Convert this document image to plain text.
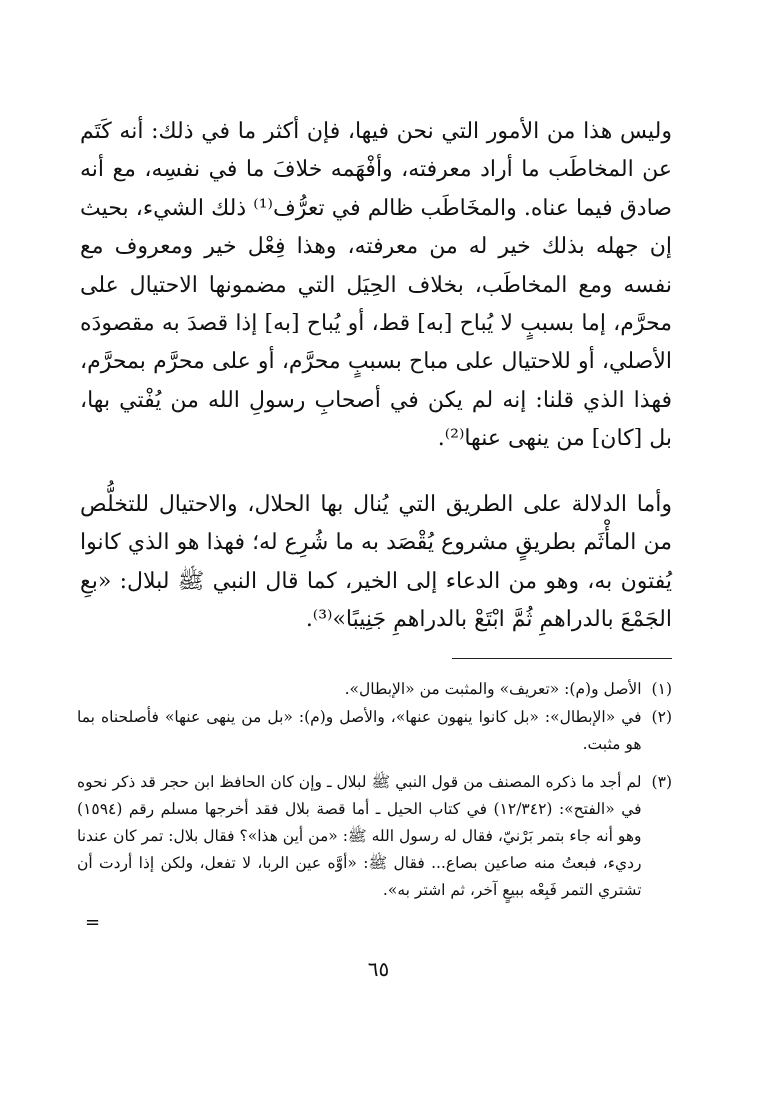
وليس هذا من الأمور التي نحن فيها، فإن أكثر ما في ذلك: أنه كَتَم عن المخاطَب ما أراد معرفته، وأفْهَمه خلافَ ما في نفسِه، مع أنه صادق فيما عناه. والمخَاطَب ظالم في تعرُّف⁽¹⁾ ذلك الشيء، بحيث إن جهله بذلك خير له من معرفته، وهذا فِعْل خير ومعروف مع نفسه ومع المخاطَب، بخلاف الحِيَل التي مضمونها الاحتيال على محرَّم، إما بسببٍ لا يُباح [به] قط، أو يُباح [به] إذا قصدَ به مقصودَه الأصلي، أو للاحتيال على مباح بسببٍ محرَّم، أو على محرَّم بمحرَّم، فهذا الذي قلنا: إنه لم يكن في أصحابِ رسولِ الله من يُفْتي بها، بل [كان] من ينهى عنها⁽²⁾.

وأما الدلالة على الطريق التي يُنال بها الحلال، والاحتيال للتخلُّص من المأْثَم بطريقٍ مشروع يُقْصَد به ما شُرِع له؛ فهذا هو الذي كانوا يُفتون به، وهو من الدعاء إلى الخير، كما قال النبي ﷺ لبلال: «بعِ الجَمْعَ بالدراهمِ ثُمَّ ابْتَعْ بالدراهمِ جَنِيبًا»⁽³⁾.

(١)
الأصل و(م): «تعريف» والمثبت من «الإبطال».
(٢)
في «الإبطال»: «بل كانوا ينهون عنها»، والأصل و(م): «بل من ينهى عنها» فأصلحناه بما هو مثبت.
(٣)
لم أجد ما ذكره المصنف من قول النبي ﷺ لبلال ـ وإن كان الحافظ ابن حجر قد ذكر نحوه في «الفتح»: (١٢/٣٤٢) في كتاب الحيل ـ أما قصة بلال فقد أخرجها مسلم رقم (١٥٩٤) وهو أنه جاء بتمر بَرْنيّ، فقال له رسول الله ﷺ: «من أين هذا»؟ فقال بلال: تمر كان عندنا رديء، فبعتُ منه صاعين بصاع... فقال ﷺ: «أوَّه عين الربا، لا تفعل، ولكن إذا أردت أن تشتري التمر فَبِعْه ببيعٍ آخر، ثم اشتر به».
=
٦٥
